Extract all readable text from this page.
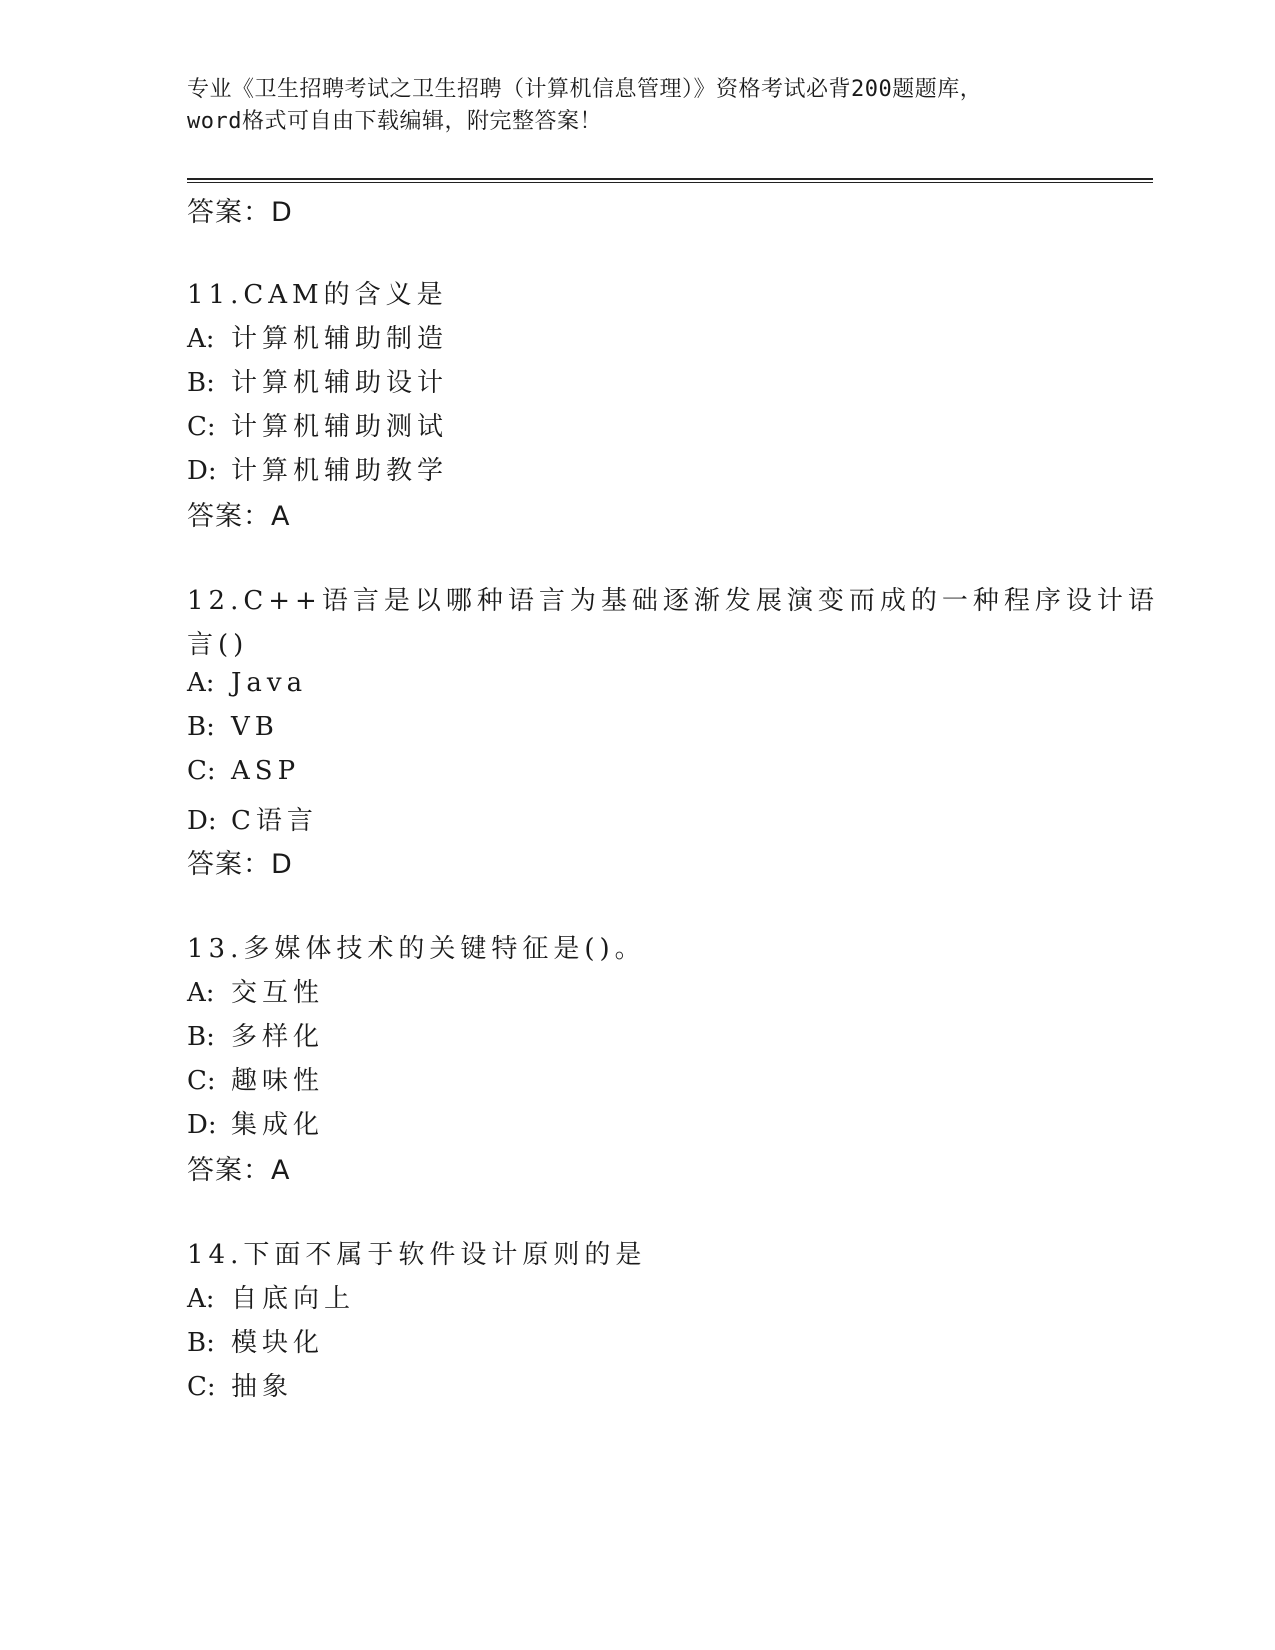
专业《卫生招聘考试之卫生招聘（计算机信息管理）》资格考试必背200题题库，
word格式可自由下载编辑，附完整答案！
答案：D
11.CAM的含义是
A: 计算机辅助制造
B: 计算机辅助设计
C: 计算机辅助测试
D: 计算机辅助教学
答案：A
12.C++语言是以哪种语言为基础逐渐发展演变而成的一种程序设计语
言()
A: Java
B: VB
C: ASP
D: C语言
答案：D
13.多媒体技术的关键特征是()。
A: 交互性
B: 多样化
C: 趣味性
D: 集成化
答案：A
14.下面不属于软件设计原则的是
A: 自底向上
B: 模块化
C: 抽象
